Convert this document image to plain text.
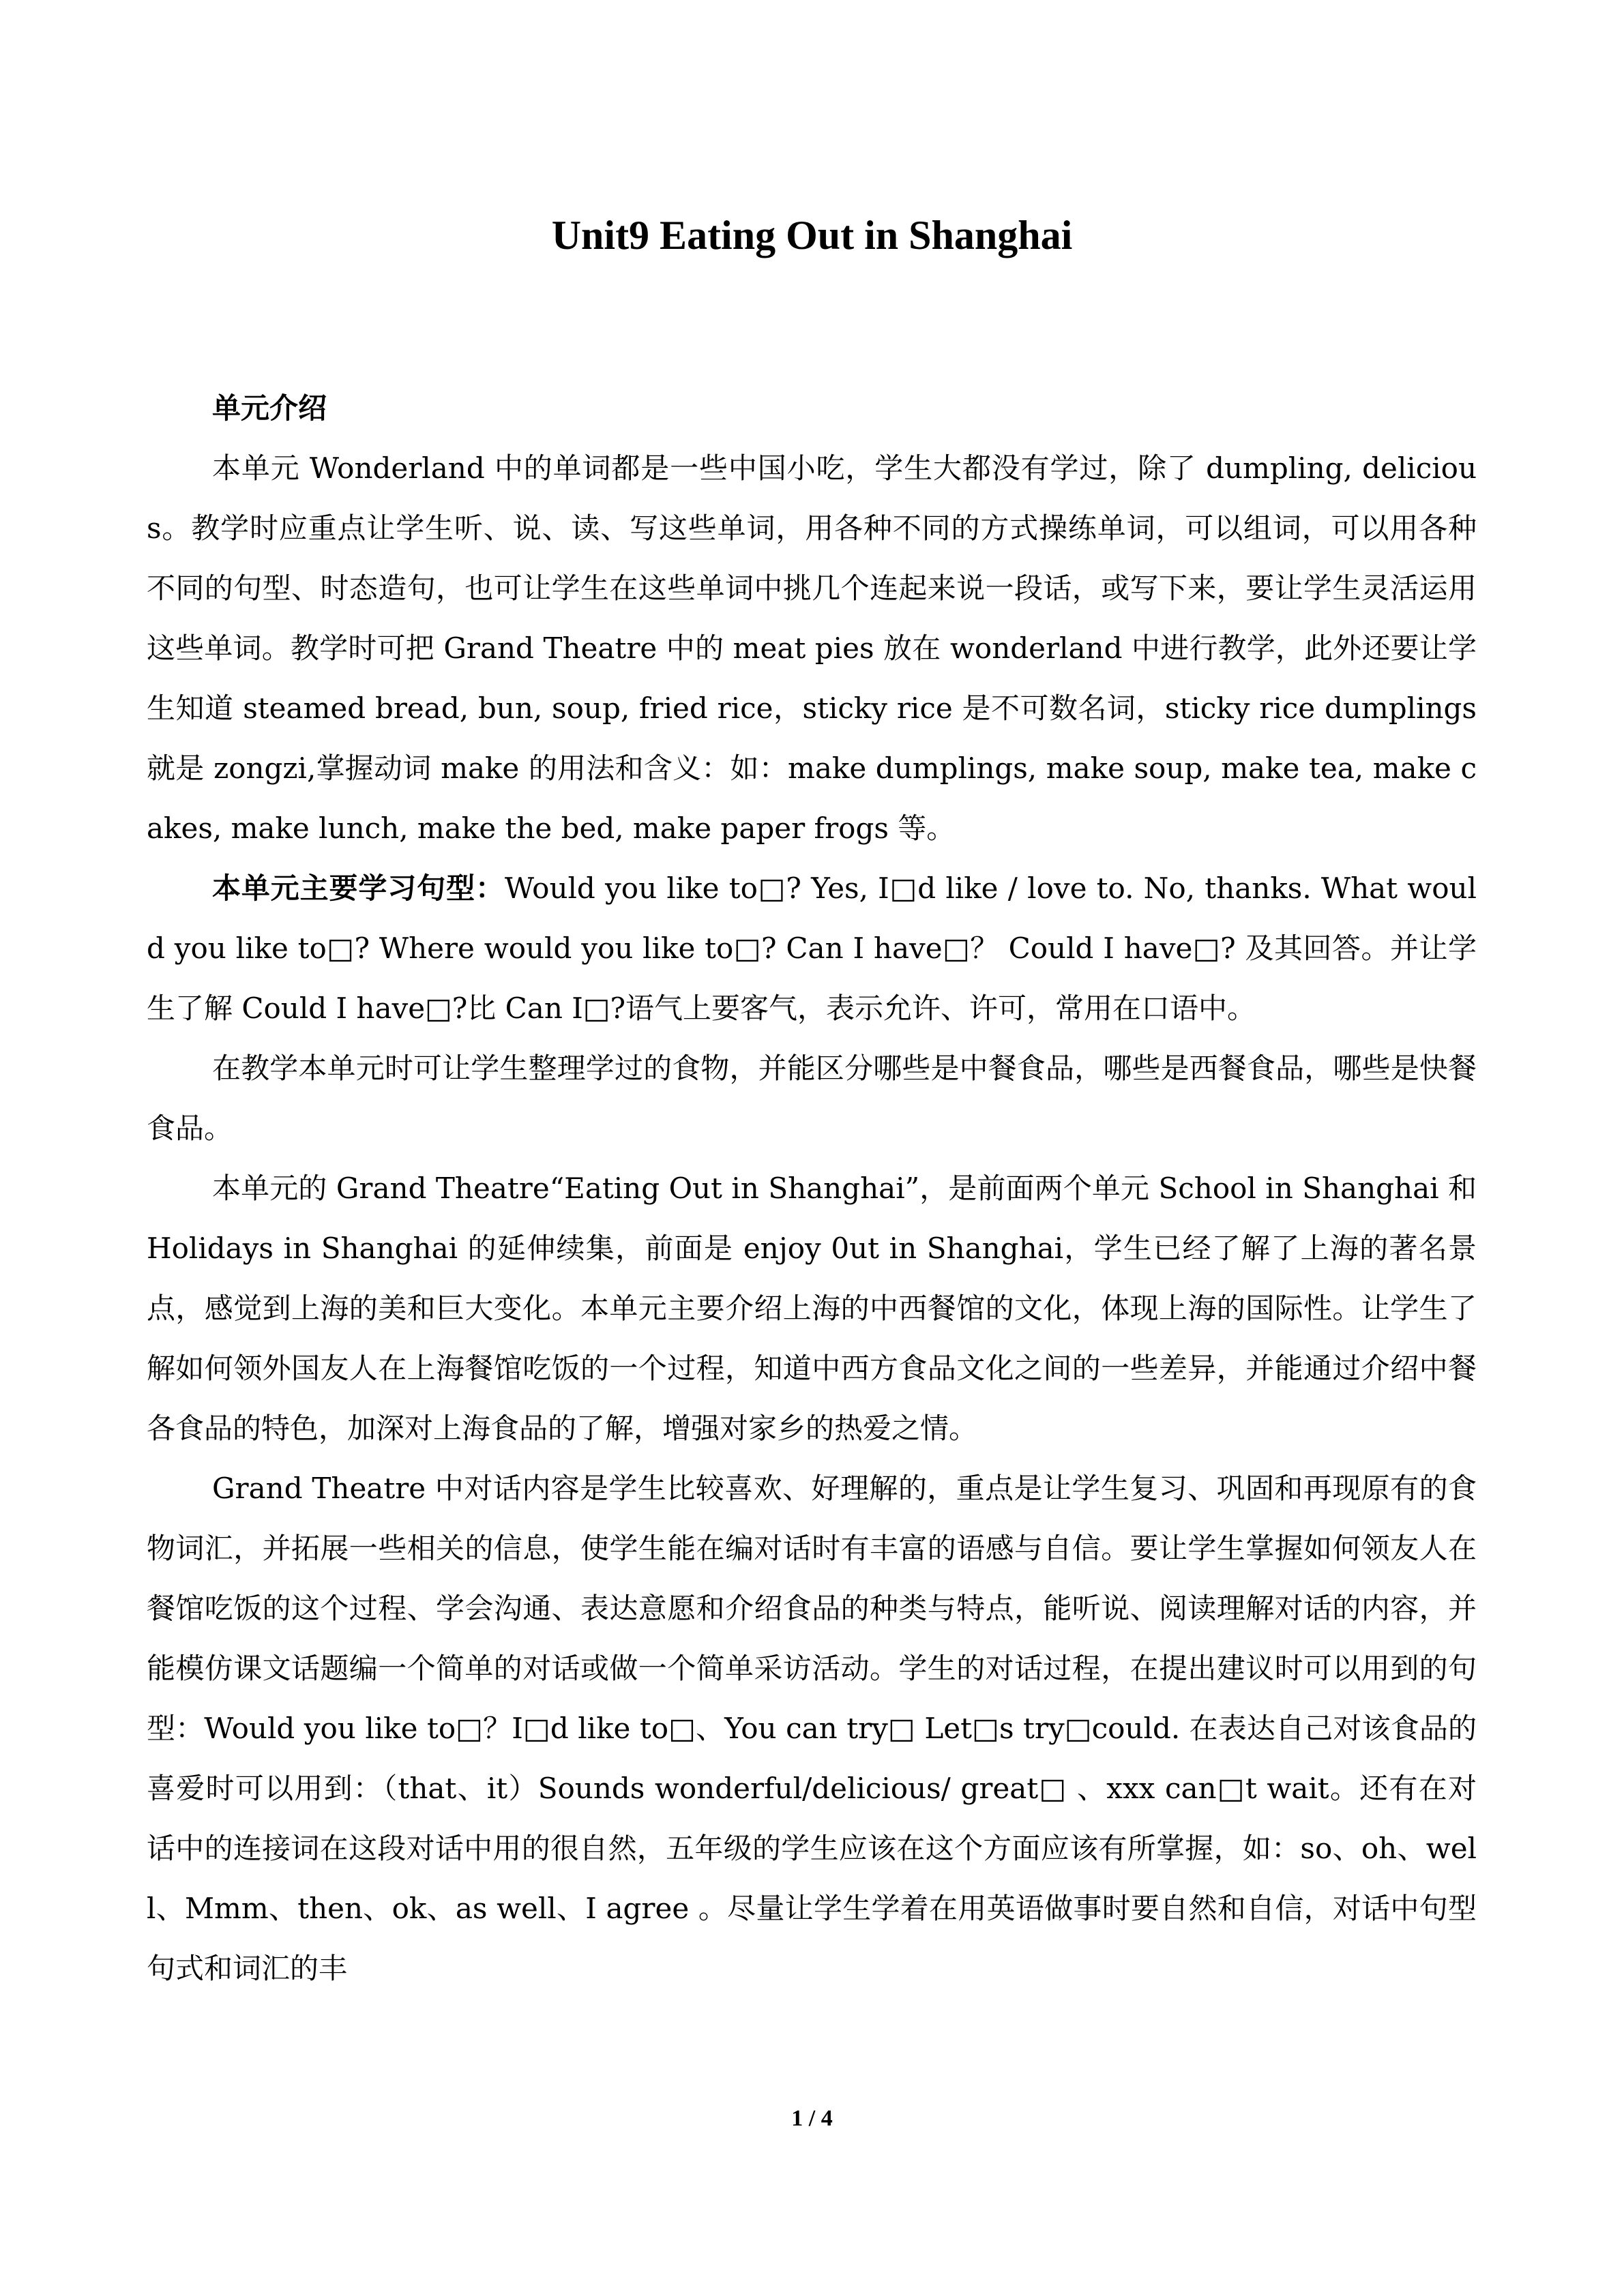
Unit9 Eating Out in Shanghai

单元介绍

本单元 Wonderland 中的单词都是一些中国小吃，学生大都没有学过，除了 dumpling, delicious。教学时应重点让学生听、说、读、写这些单词，用各种不同的方式操练单词，可以组词，可以用各种不同的句型、时态造句，也可让学生在这些单词中挑几个连起来说一段话，或写下来，要让学生灵活运用这些单词。教学时可把 Grand Theatre 中的 meat pies 放在 wonderland 中进行教学，此外还要让学生知道 steamed bread, bun, soup, fried rice，sticky rice 是不可数名词，sticky rice dumplings 就是 zongzi,掌握动词 make 的用法和含义：如：make dumplings, make soup, make tea, make cakes, make lunch, make the bed, make paper frogs 等。

本单元主要学习句型：Would you like to□? Yes, I□d like / love to. No, thanks. What would you like to□? Where would you like to□? Can I have□？ Could I have□? 及其回答。并让学生了解 Could I have□?比 Can I□?语气上要客气，表示允许、许可，常用在口语中。

在教学本单元时可让学生整理学过的食物，并能区分哪些是中餐食品，哪些是西餐食品，哪些是快餐食品。

本单元的 Grand Theatre“Eating Out in Shanghai”，是前面两个单元 School in Shanghai 和 Holidays in Shanghai 的延伸续集，前面是 enjoy 0ut in Shanghai，学生已经了解了上海的著名景点，感觉到上海的美和巨大变化。本单元主要介绍上海的中西餐馆的文化，体现上海的国际性。让学生了解如何领外国友人在上海餐馆吃饭的一个过程，知道中西方食品文化之间的一些差异，并能通过介绍中餐各食品的特色，加深对上海食品的了解，增强对家乡的热爱之情。

Grand Theatre 中对话内容是学生比较喜欢、好理解的，重点是让学生复习、巩固和再现原有的食物词汇，并拓展一些相关的信息，使学生能在编对话时有丰富的语感与自信。要让学生掌握如何领友人在餐馆吃饭的这个过程、学会沟通、表达意愿和介绍食品的种类与特点，能听说、阅读理解对话的内容，并能模仿课文话题编一个简单的对话或做一个简单采访活动。学生的对话过程，在提出建议时可以用到的句型：Would you like to□？I□d like to□、You can try□ Let□s try□could. 在表达自己对该食品的喜爱时可以用到：（that、it）Sounds wonderful/delicious/ great□ 、xxx can□t wait。还有在对话中的连接词在这段对话中用的很自然，五年级的学生应该在这个方面应该有所掌握，如：so、oh、well、Mmm、then、ok、as well、I agree 。尽量让学生学着在用英语做事时要自然和自信，对话中句型句式和词汇的丰

1 / 4
